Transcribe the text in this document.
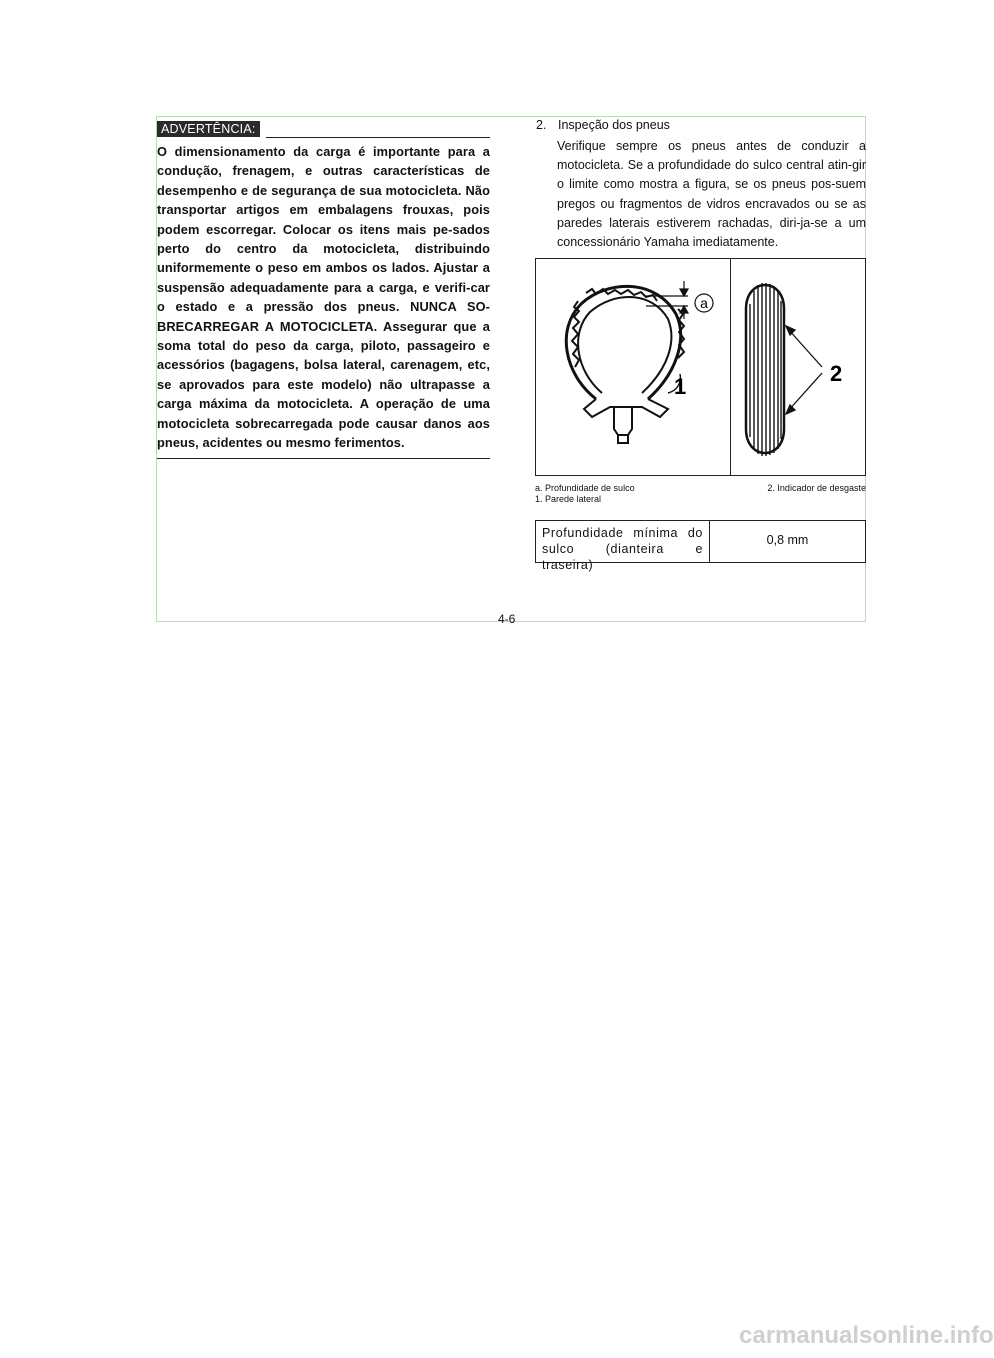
ADVERTÊNCIA:
O dimensionamento da carga é importante para a condução, frenagem, e outras características de desempenho e de segurança de sua motocicleta. Não transportar artigos em embalagens frouxas, pois podem escorregar. Colocar os itens mais pe-sados perto do centro da motocicleta, distribuindo uniformemente o peso em ambos os lados. Ajustar a suspensão adequadamente para a carga, e verifi-car o estado e a pressão dos pneus. NUNCA SO-BRECARREGAR A MOTOCICLETA. Assegurar que a soma total do peso da carga, piloto, passageiro e acessórios (bagagens, bolsa lateral, carenagem, etc, se aprovados para este modelo) não ultrapasse a carga máxima da motocicleta. A operação de uma motocicleta sobrecarregada pode causar danos aos pneus, acidentes ou mesmo ferimentos.
2. Inspeção dos pneus
Verifique sempre os pneus antes de conduzir a motocicleta. Se a profundidade do sulco central atin-gir o limite como mostra a figura, se os pneus pos-suem pregos ou fragmentos de vidros encravados ou se as paredes laterais estiverem rachadas, diri-ja-se a um concessionário Yamaha imediatamente.
a
1
2
a. Profundidade de sulco
1. Parede lateral
2. Indicador de desgaste
Profundidade mínima do sulco (dianteira e traseira)
0,8 mm
4-6
carmanualsonline.info
